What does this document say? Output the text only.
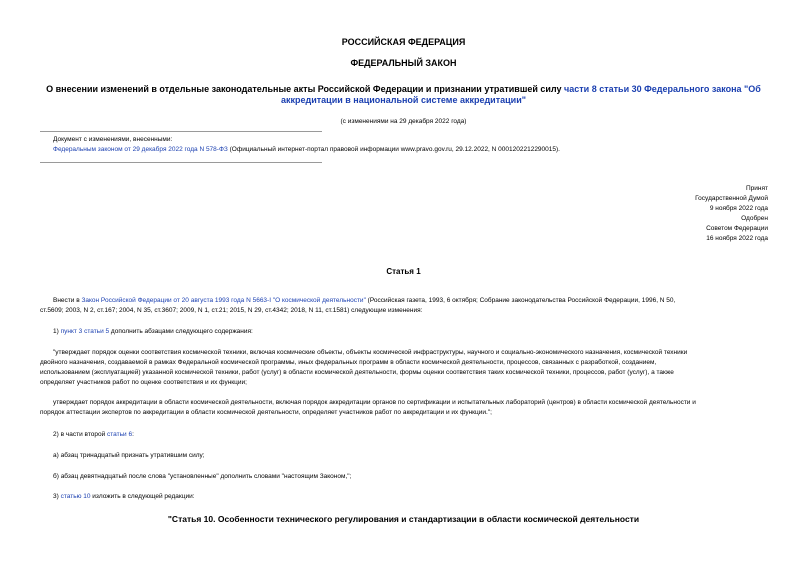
РОССИЙСКАЯ ФЕДЕРАЦИЯ
ФЕДЕРАЛЬНЫЙ ЗАКОН
О внесении изменений в отдельные законодательные акты Российской Федерации и признании утратившей силу части 8 статьи 30 Федерального закона "Об
аккредитации в национальной системе аккредитации"
(с изменениями на 29 декабря 2022 года)
Документ с изменениями, внесенными:
Федеральным законом от 29 декабря 2022 года N 578-ФЗ (Официальный интернет-портал правовой информации www.pravo.gov.ru, 29.12.2022, N 0001202212290015).
Принят
Государственной Думой
9 ноября 2022 года
Одобрен
Советом Федерации
16 ноября 2022 года
Статья 1
Внести в Закон Российской Федерации от 20 августа 1993 года N 5663-I "О космической деятельности" (Российская газета, 1993, 6 октября; Собрание законодательства Российской Федерации, 1996, N 50,
ст.5609; 2003, N 2, ст.167; 2004, N 35, ст.3607; 2009, N 1, ст.21; 2015, N 29, ст.4342; 2018, N 11, ст.1581) следующие изменения:
1) пункт 3 статьи 5 дополнить абзацами следующего содержания:
"утверждает порядок оценки соответствия космической техники, включая космические объекты, объекты космической инфраструктуры, научного и социально-экономического назначения, космической техники
двойного назначения, создаваемой в рамках Федеральной космической программы, иных федеральных программ в области космической деятельности, процессов, связанных с разработкой, созданием,
использованием (эксплуатацией) указанной космической техники, работ (услуг) в области космической деятельности, формы оценки соответствия таких космической техники, процессов, работ (услуг), а также
определяет участников работ по оценке соответствия и их функции;
утверждает порядок аккредитации в области космической деятельности, включая порядок аккредитации органов по сертификации и испытательных лабораторий (центров) в области космической деятельности и
порядок аттестации экспертов по аккредитации в области космической деятельности, определяет участников работ по аккредитации и их функции.";
2) в части второй статьи 6:
а) абзац тринадцатый признать утратившим силу;
б) абзац девятнадцатый после слова "установленные" дополнить словами "настоящим Законом,";
3) статью 10 изложить в следующей редакции:
"Статья 10. Особенности технического регулирования и стандартизации в области космической деятельности
